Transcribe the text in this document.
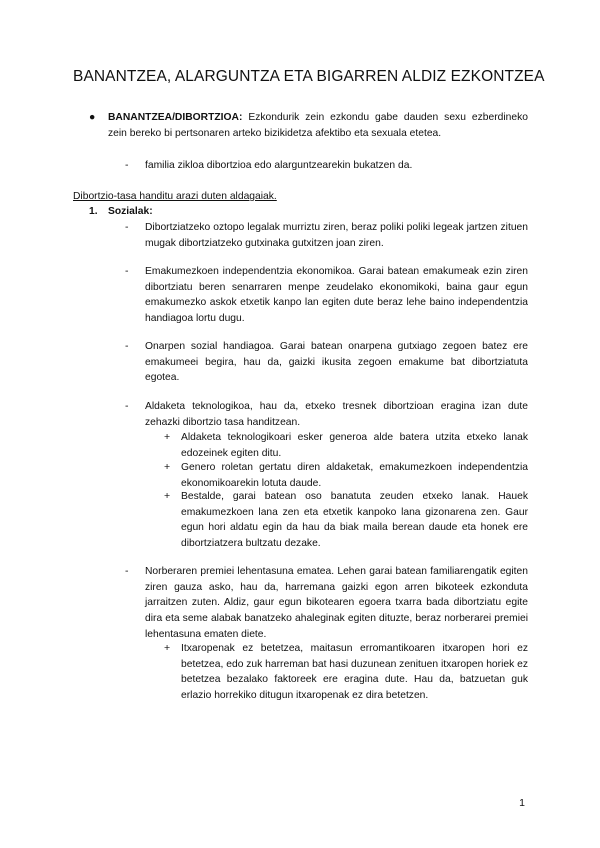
BANANTZEA, ALARGUNTZA ETA BIGARREN ALDIZ EZKONTZEA
● BANANTZEA/DIBORTZIOA: Ezkondurik zein ezkondu gabe dauden sexu ezberdineko zein bereko bi pertsonaren arteko bizikidetza afektibo eta sexuala etetea.
- familia zikloa dibortzioa edo alarguntzearekin bukatzen da.
Dibortzio-tasa handitu arazi duten aldagaiak.
1. Sozialak:
- Dibortziatzeko oztopo legalak murriztu ziren, beraz poliki poliki legeak jartzen zituen mugak dibortziatzeko gutxinaka gutxitzen joan ziren.
- Emakumezkoen independentzia ekonomikoa. Garai batean emakumeak ezin ziren dibortziatu beren senarraren menpe zeudelako ekonomikoki, baina gaur egun emakumezko askok etxetik kanpo lan egiten dute beraz lehe baino independentzia handiagoa lortu dugu.
- Onarpen sozial handiagoa. Garai batean onarpena gutxiago zegoen batez ere emakumeei begira, hau da, gaizki ikusita zegoen emakume bat dibortziatuta egotea.
- Aldaketa teknologikoa, hau da, etxeko tresnek dibortzioan eragina izan dute zehazki dibortzio tasa handitzean.
+ Aldaketa teknologikoari esker generoa alde batera utzita etxeko lanak edozeinek egiten ditu.
+ Genero roletan gertatu diren aldaketak, emakumezkoen independentzia ekonomikoarekin lotuta daude.
+ Bestalde, garai batean oso banatuta zeuden etxeko lanak. Hauek emakumezkoen lana zen eta etxetik kanpoko lana gizonarena zen. Gaur egun hori aldatu egin da hau da biak maila berean daude eta honek ere dibortziatzera bultzatu dezake.
- Norberaren premiei lehentasuna ematea. Lehen garai batean familiarengatik egiten ziren gauza asko, hau da, harremana gaizki egon arren bikoteek ezkonduta jarraitzen zuten. Aldiz, gaur egun bikotearen egoera txarra bada dibortziatu egite dira eta seme alabak banatzeko ahaleginak egiten dituzte, beraz norberarei premiei lehentasuna ematen diete.
+ Itxaropenak ez betetzea, maitasun erromantikoaren itxaropen hori ez betetzea, edo zuk harreman bat hasi duzunean zenituen itxaropen horiek ez betetzea bezalako faktoreek ere eragina dute. Hau da, batzuetan guk erlazio horrekiko ditugun itxaropenak ez dira betetzen.
1
